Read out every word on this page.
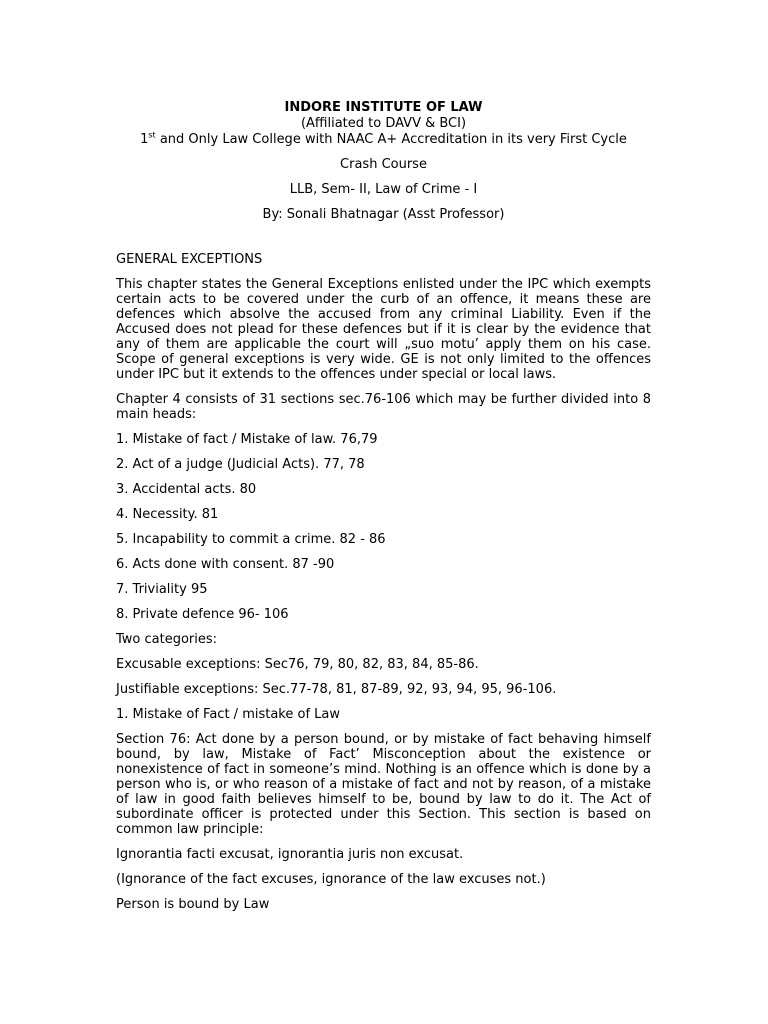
INDORE INSTITUTE OF LAW
(Affiliated to DAVV & BCI)
1st and Only Law College with NAAC A+ Accreditation in its very First Cycle
Crash Course
LLB, Sem- II, Law of Crime - I
By: Sonali Bhatnagar (Asst Professor)
GENERAL EXCEPTIONS

This chapter states the General Exceptions enlisted under the IPC which exempts certain acts to be covered under the curb of an offence, it means these are defences which absolve the accused from any criminal Liability. Even if the Accused does not plead for these defences but if it is clear by the evidence that any of them are applicable the court will „suo motu’ apply them on his case. Scope of general exceptions is very wide. GE is not only limited to the offences under IPC but it extends to the offences under special or local laws.

Chapter 4 consists of 31 sections sec.76-106 which may be further divided into 8 main heads:

1. Mistake of fact / Mistake of law. 76,79
2. Act of a judge (Judicial Acts). 77, 78
3. Accidental acts. 80
4. Necessity. 81
5. Incapability to commit a crime. 82 - 86
6. Acts done with consent. 87 -90
7. Triviality 95
8. Private defence 96- 106
Two categories:
Excusable exceptions: Sec76, 79, 80, 82, 83, 84, 85-86.
Justifiable exceptions: Sec.77-78, 81, 87-89, 92, 93, 94, 95, 96-106.
1. Mistake of Fact / mistake of Law

Section 76: Act done by a person bound, or by mistake of fact behaving himself bound, by law, Mistake of Fact’ Misconception about the existence or nonexistence of fact in someone’s mind. Nothing is an offence which is done by a person who is, or who reason of a mistake of fact and not by reason, of a mistake of law in good faith believes himself to be, bound by law to do it. The Act of subordinate officer is protected under this Section. This section is based on common law principle:

Ignorantia facti excusat, ignorantia juris non excusat.
(Ignorance of the fact excuses, ignorance of the law excuses not.)
Person is bound by Law
